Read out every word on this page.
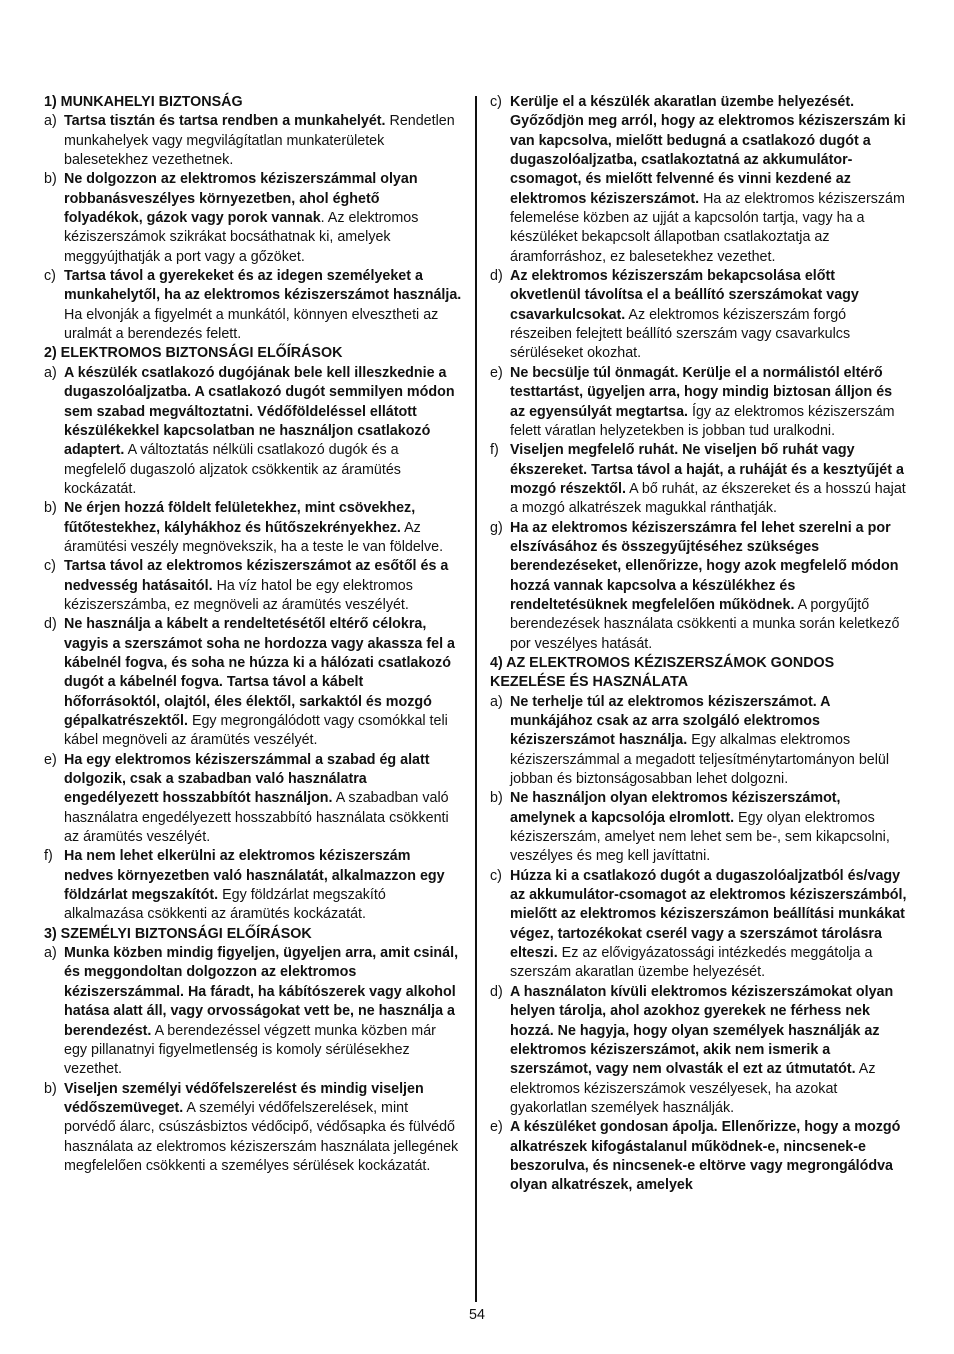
1) MUNKAHELYI BIZTONSÁG

a) Tartsa tisztán és tartsa rendben a munkahelyét. Rendetlen munkahelyek vagy megvilágítatlan munkaterületek balesetekhez vezethetnek.

b) Ne dolgozzon az elektromos kéziszerszámmal olyan robbanásveszélyes környezetben, ahol éghető folyadékok, gázok vagy porok vannak. Az elektromos kéziszerszámok szikrákat bocsáthatnak ki, amelyek meggyújthatják a port vagy a gőzöket.

c) Tartsa távol a gyerekeket és az idegen személyeket a munkahelytől, ha az elektromos kéziszerszámot használja. Ha elvonják a figyelmét a munkától, könnyen elvesztheti az uralmát a berendezés felett.

2) ELEKTROMOS BIZTONSÁGI ELŐÍRÁSOK

a) A készülék csatlakozó dugójának bele kell illeszkednie a dugaszolóaljzatba. A csatlakozó dugót semmilyen módon sem szabad megváltoztatni. Védőföldeléssel ellátott készülékekkel kapcsolatban ne használjon csatlakozó adaptert. A változtatás nélküli csatlakozó dugók és a megfelelő dugaszoló aljzatok csökkentik az áramütés kockázatát.

b) Ne érjen hozzá földelt felületekhez, mint csövekhez, fűtőtestekhez, kályhákhoz és hűtőszekrényekhez. Az áramütési veszély megnövekszik, ha a teste le van földelve.

c) Tartsa távol az elektromos kéziszerszámot az esőtől és a nedvesség hatásaitól. Ha víz hatol be egy elektromos kéziszerszámba, ez megnöveli az áramütés veszélyét.

d) Ne használja a kábelt a rendeltetésétől eltérő célokra, vagyis a szerszámot soha ne hordozza vagy akassza fel a kábelnél fogva, és soha ne húzza ki a hálózati csatlakozó dugót a kábelnél fogva. Tartsa távol a kábelt hőforrásoktól, olajtól, éles élektől, sarkaktól és mozgó gépalkatrészektől. Egy megrongálódott vagy csomókkal teli kábel megnöveli az áramütés veszélyét.

e) Ha egy elektromos kéziszerszámmal a szabad ég alatt dolgozik, csak a szabadban való használatra engedélyezett hosszabbítót használjon. A szabadban való használatra engedélyezett hosszabbító használata csökkenti az áramütés veszélyét.

f) Ha nem lehet elkerülni az elektromos kéziszerszám nedves környezetben való használatát, alkalmazzon egy földzárlat megszakítót. Egy földzárlat megszakító alkalmazása csökkenti az áramütés kockázatát.

3) SZEMÉLYI BIZTONSÁGI ELŐÍRÁSOK

a) Munka közben mindig figyeljen, ügyeljen arra, amit csinál, és meggondoltan dolgozzon az elektromos kéziszerszámmal. Ha fáradt, ha kábítószerek vagy alkohol hatása alatt áll, vagy orvosságokat vett be, ne használja a berendezést. A berendezéssel végzett munka közben már egy pillanatnyi figyelmetlenség is komoly sérülésekhez vezethet.

b) Viseljen személyi védőfelszerelést és mindig viseljen védőszemüveget. A személyi védőfelszerelések, mint porvédő álarc, csúszásbiztos védőcipő, védősapka és fülvédő használata az elektromos kéziszerszám használata jellegének megfelelően csökkenti a személyes sérülések kockázatát.

c) Kerülje el a készülék akaratlan üzembe helyezését. Győződjön meg arról, hogy az elektromos kéziszerszám ki van kapcsolva, mielőtt bedugná a csatlakozó dugót a dugaszolóaljzatba, csatlakoztatná az akkumulátor-csomagot, és mielőtt felvenné és vinni kezdené az elektromos kéziszerszámot. Ha az elektromos kéziszerszám felemelése közben az ujját a kapcsolón tartja, vagy ha a készüléket bekapcsolt állapotban csatlakoztatja az áramforráshoz, ez balesetekhez vezethet.

d) Az elektromos kéziszerszám bekapcsolása előtt okvetlenül távolítsa el a beállító szerszámokat vagy csavarkulcsokat. Az elektromos kéziszerszám forgó részeiben felejtett beállító szerszám vagy csavarkulcs sérüléseket okozhat.

e) Ne becsülje túl önmagát. Kerülje el a normálistól eltérő testtartást, ügyeljen arra, hogy mindig biztosan álljon és az egyensúlyát megtartsa. Így az elektromos kéziszerszám felett váratlan helyzetekben is jobban tud uralkodni.

f) Viseljen megfelelő ruhát. Ne viseljen bő ruhát vagy ékszereket. Tartsa távol a haját, a ruháját és a kesztyűjét a mozgó részektől. A bő ruhát, az ékszereket és a hosszú hajat a mozgó alkatrészek magukkal ránthatják.

g) Ha az elektromos kéziszerszámra fel lehet szerelni a por elszívásához és összegyűjtéséhez szükséges berendezéseket, ellenőrizze, hogy azok megfelelő módon hozzá vannak kapcsolva a készülékhez és rendeltetésüknek megfelelően működnek. A porgyűjtő berendezések használata csökkenti a munka során keletkező por veszélyes hatását.

4) AZ ELEKTROMOS KÉZISZERSZÁMOK GONDOS KEZELÉSE ÉS HASZNÁLATA

a) Ne terhelje túl az elektromos kéziszerszámot. A munkájához csak az arra szolgáló elektromos kéziszerszámot használja. Egy alkalmas elektromos kéziszerszámmal a megadott teljesítménytartományon belül jobban és biztonságosabban lehet dolgozni.

b) Ne használjon olyan elektromos kéziszerszámot, amelynek a kapcsolója elromlott. Egy olyan elektromos kéziszerszám, amelyet nem lehet sem be-, sem kikapcsolni, veszélyes és meg kell javíttatni.

c) Húzza ki a csatlakozó dugót a dugaszolóaljzatból és/vagy az akkumulátor-csomagot az elektromos kéziszerszámból, mielőtt az elektromos kéziszerszámon beállítási munkákat végez, tartozékokat cserél vagy a szerszámot tárolásra elteszi. Ez az elővigyázatossági intézkedés meggátolja a szerszám akaratlan üzembe helyezését.

d) A használaton kívüli elektromos kéziszerszámokat olyan helyen tárolja, ahol azokhoz gyerekek ne férhess nek hozzá. Ne hagyja, hogy olyan személyek használják az elektromos kéziszerszámot, akik nem ismerik a szerszámot, vagy nem olvasták el ezt az útmutatót. Az elektromos kéziszerszámok veszélyesek, ha azokat gyakorlatlan személyek használják.

e) A készüléket gondosan ápolja. Ellenőrizze, hogy a mozgó alkatrészek kifogástalanul működnek-e, nincsenek-e beszorulva, és nincsenek-e eltörve vagy megrongálódva olyan alkatrészek, amelyek

54
